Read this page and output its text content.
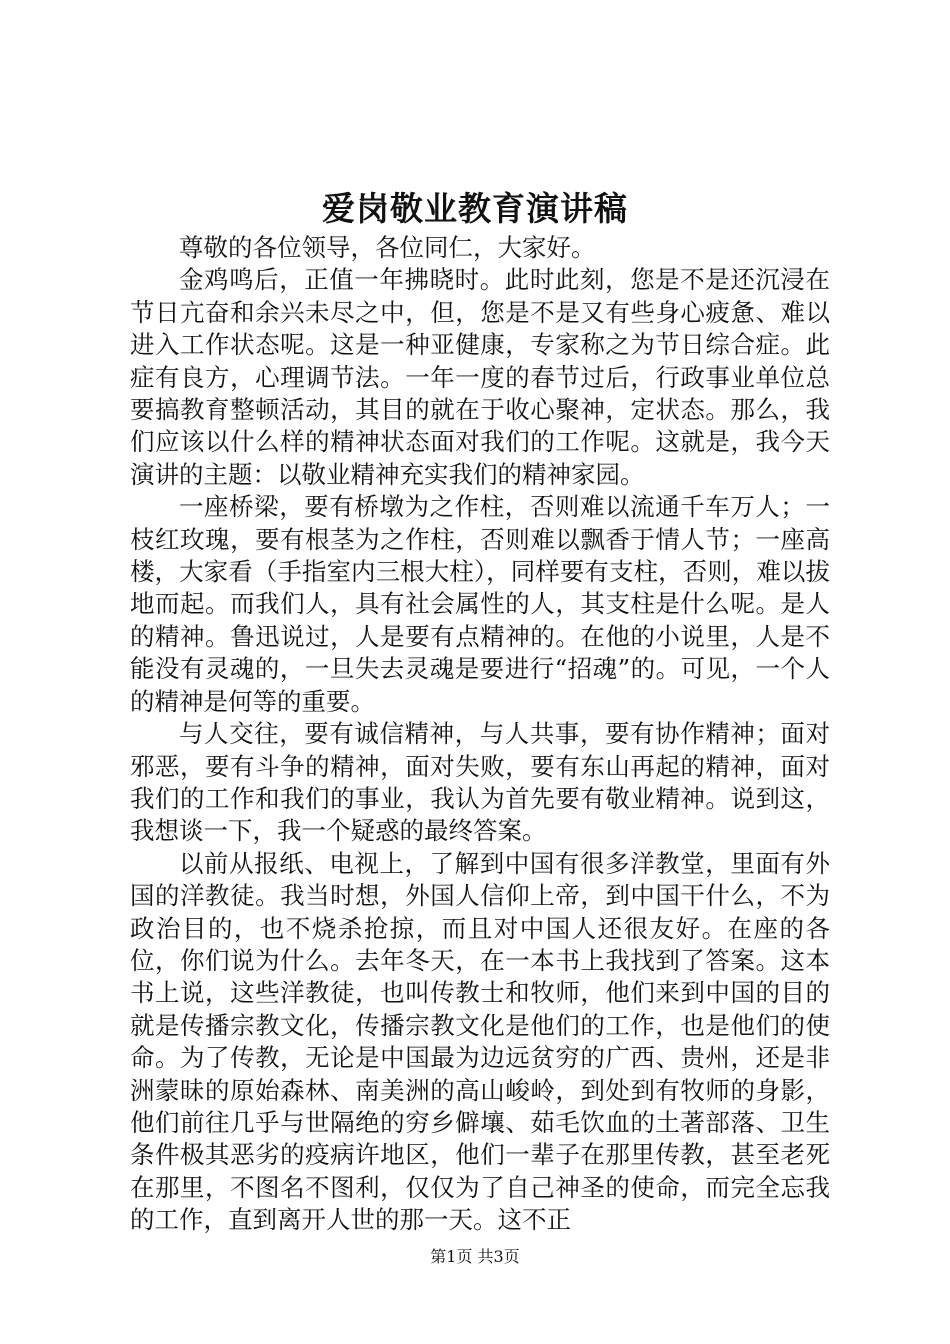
爱岗敬业教育演讲稿

尊敬的各位领导，各位同仁，大家好。

金鸡鸣后，正值一年拂晓时。此时此刻，您是不是还沉浸在节日亢奋和余兴未尽之中，但，您是不是又有些身心疲惫、难以进入工作状态呢。这是一种亚健康，专家称之为节日综合症。此症有良方，心理调节法。一年一度的春节过后，行政事业单位总要搞教育整顿活动，其目的就在于收心聚神，定状态。那么，我们应该以什么样的精神状态面对我们的工作呢。这就是，我今天演讲的主题：以敬业精神充实我们的精神家园。

一座桥梁，要有桥墩为之作柱，否则难以流通千车万人；一枝红玫瑰，要有根茎为之作柱，否则难以飘香于情人节；一座高楼，大家看（手指室内三根大柱），同样要有支柱，否则，难以拔地而起。而我们人，具有社会属性的人，其支柱是什么呢。是人的精神。鲁迅说过，人是要有点精神的。在他的小说里，人是不能没有灵魂的，一旦失去灵魂是要进行“招魂”的。可见，一个人的精神是何等的重要。

与人交往，要有诚信精神，与人共事，要有协作精神；面对邪恶，要有斗争的精神，面对失败，要有东山再起的精神，面对我们的工作和我们的事业，我认为首先要有敬业精神。说到这，我想谈一下，我一个疑惑的最终答案。

以前从报纸、电视上，了解到中国有很多洋教堂，里面有外国的洋教徒。我当时想，外国人信仰上帝，到中国干什么，不为政治目的，也不烧杀抢掠，而且对中国人还很友好。在座的各位，你们说为什么。去年冬天，在一本书上我找到了答案。这本书上说，这些洋教徒，也叫传教士和牧师，他们来到中国的目的就是传播宗教文化，传播宗教文化是他们的工作，也是他们的使命。为了传教，无论是中国最为边远贫穷的广西、贵州，还是非洲蒙昧的原始森林、南美洲的高山峻岭，到处到有牧师的身影，他们前往几乎与世隔绝的穷乡僻壤、茹毛饮血的土著部落、卫生条件极其恶劣的疫病许地区，他们一辈子在那里传教，甚至老死在那里，不图名不图利，仅仅为了自己神圣的使命，而完全忘我的工作，直到离开人世的那一天。这不正

第1页 共3页
